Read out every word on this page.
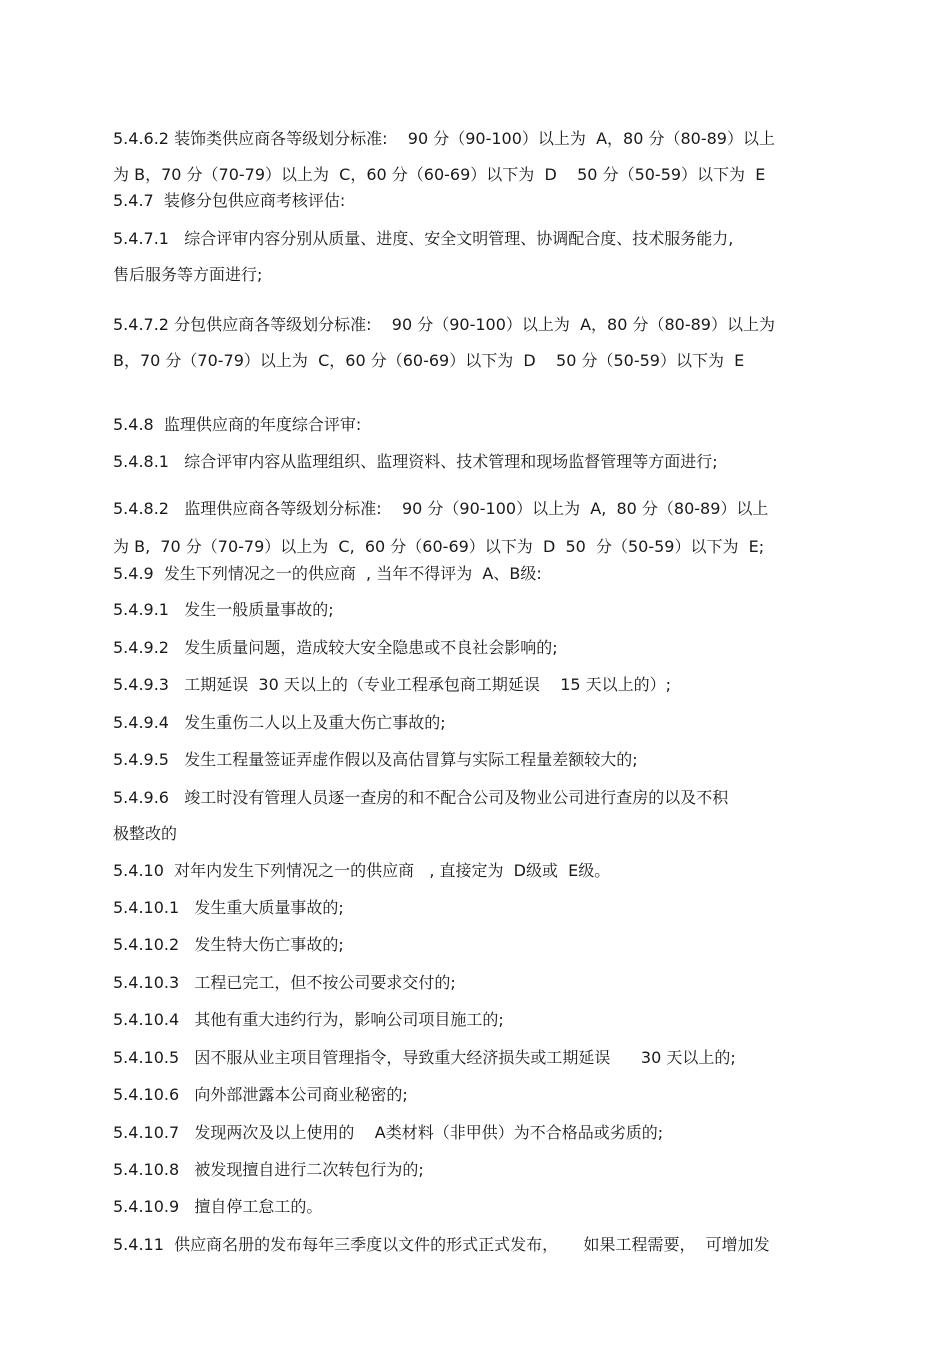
5.4.6.2 装饰类供应商各等级划分标准:    90 分（90-100）以上为  A，80 分（80-89）以上
为 B，70 分（70-79）以上为  C，60 分（60-69）以下为  D    50 分（50-59）以下为  E
5.4.7  装修分包供应商考核评估:
5.4.7.1   综合评审内容分别从质量、进度、安全文明管理、协调配合度、技术服务能力,
售后服务等方面进行;
5.4.7.2 分包供应商各等级划分标准:    90 分（90-100）以上为  A，80 分（80-89）以上为
B，70 分（70-79）以上为  C，60 分（60-69）以下为  D    50 分（50-59）以下为  E
5.4.8  监理供应商的年度综合评审:
5.4.8.1   综合评审内容从监理组织、监理资料、技术管理和现场监督管理等方面进行;
5.4.8.2   监理供应商各等级划分标准:    90 分（90-100）以上为  A,  80 分（80-89）以上
为 B,  70 分（70-79）以上为  C,  60 分（60-69）以下为  D  50  分（50-59）以下为  E;
5.4.9  发生下列情况之一的供应商  , 当年不得评为  A、B级:
5.4.9.1   发生一般质量事故的;
5.4.9.2   发生质量问题，造成较大安全隐患或不良社会影响的;
5.4.9.3   工期延误  30 天以上的（专业工程承包商工期延误    15 天以上的）;
5.4.9.4   发生重伤二人以上及重大伤亡事故的;
5.4.9.5   发生工程量签证弄虚作假以及高估冒算与实际工程量差额较大的;
5.4.9.6   竣工时没有管理人员逐一查房的和不配合公司及物业公司进行查房的以及不积
极整改的
5.4.10  对年内发生下列情况之一的供应商   , 直接定为  D级或  E级。
5.4.10.1   发生重大质量事故的;
5.4.10.2   发生特大伤亡事故的;
5.4.10.3   工程已完工，但不按公司要求交付的;
5.4.10.4   其他有重大违约行为，影响公司项目施工的;
5.4.10.5   因不服从业主项目管理指令，导致重大经济损失或工期延误      30 天以上的;
5.4.10.6   向外部泄露本公司商业秘密的;
5.4.10.7   发现两次及以上使用的    A类材料（非甲供）为不合格品或劣质的;
5.4.10.8   被发现擅自进行二次转包行为的;
5.4.10.9   擅自停工怠工的。
5.4.11  供应商名册的发布每年三季度以文件的形式正式发布，     如果工程需要，  可增加发
